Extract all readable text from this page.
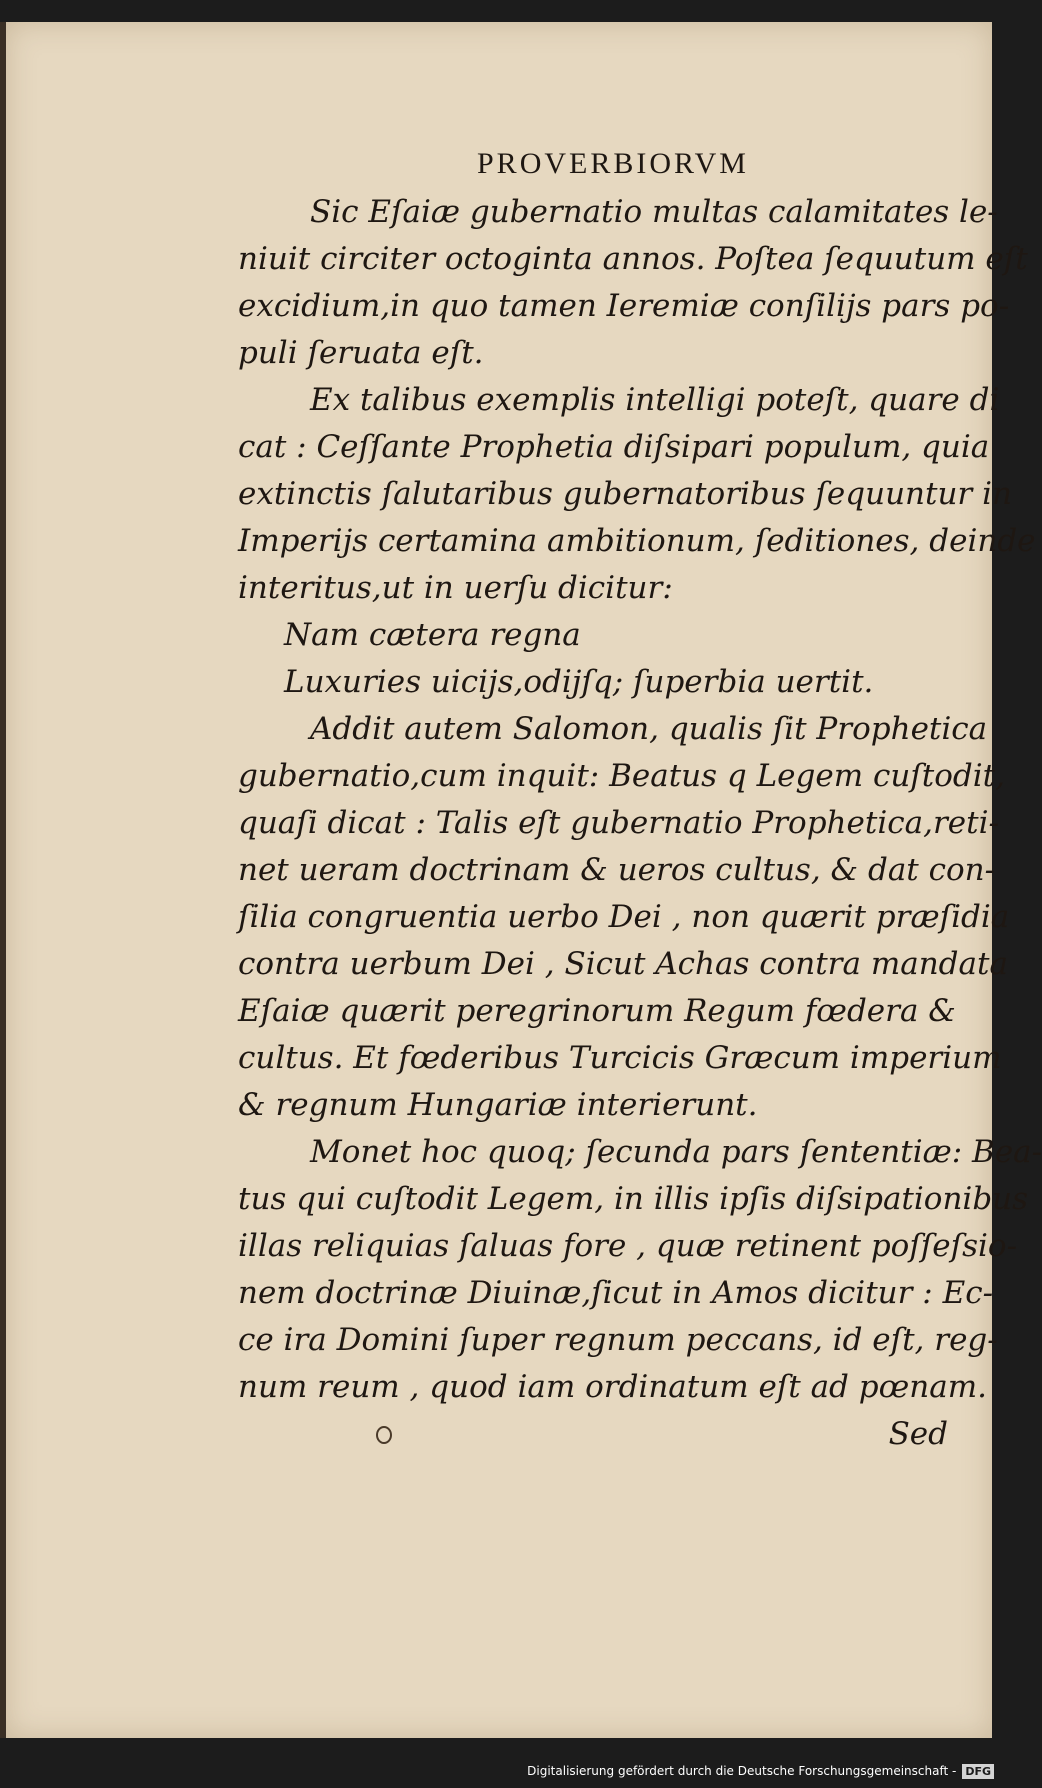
PROVERBIORVM
Sic Eſaiæ gubernatio multas calamitates le-
niuit circiter octoginta annos. Poſtea ſequutum eſt
excidium,in quo tamen Ieremiæ conſilijs pars po-
puli ſeruata eſt.
Ex talibus exemplis intelligi poteſt, quare di
cat : Ceſſante Prophetia diſsipari populum, quia
extinctis ſalutaribus gubernatoribus ſequuntur in
Imperijs certamina ambitionum, ſeditiones, deinde
interitus,ut in uerſu dicitur:
Nam cætera regna
Luxuries uicijs,odijſq; ſuperbia uertit.
Addit autem Salomon, qualis ſit Prophetica
gubernatio,cum inquit: Beatus q Legem cuſtodit,
quaſi dicat : Talis eſt gubernatio Prophetica,reti-
net ueram doctrinam & ueros cultus, & dat con-
ſilia congruentia uerbo Dei , non quærit præſidia
contra uerbum Dei , Sicut Achas contra mandata
Eſaiæ quærit peregrinorum Regum fœdera &
cultus. Et fœderibus Turcicis Græcum imperium
& regnum Hungariæ interierunt.
Monet hoc quoq; ſecunda pars ſententiæ: Bea-
tus qui cuſtodit Legem, in illis ipſis diſsipationibus
illas reliquias ſaluas fore , quæ retinent poſſeſsio-
nem doctrinæ Diuinæ,ſicut in Amos dicitur : Ec-
ce ira Domini ſuper regnum peccans, id eſt, reg-
num reum , quod iam ordinatum eſt ad pœnam.
Sed
Digitalisierung gefördert durch die Deutsche Forschungsgemeinschaft - DFG
